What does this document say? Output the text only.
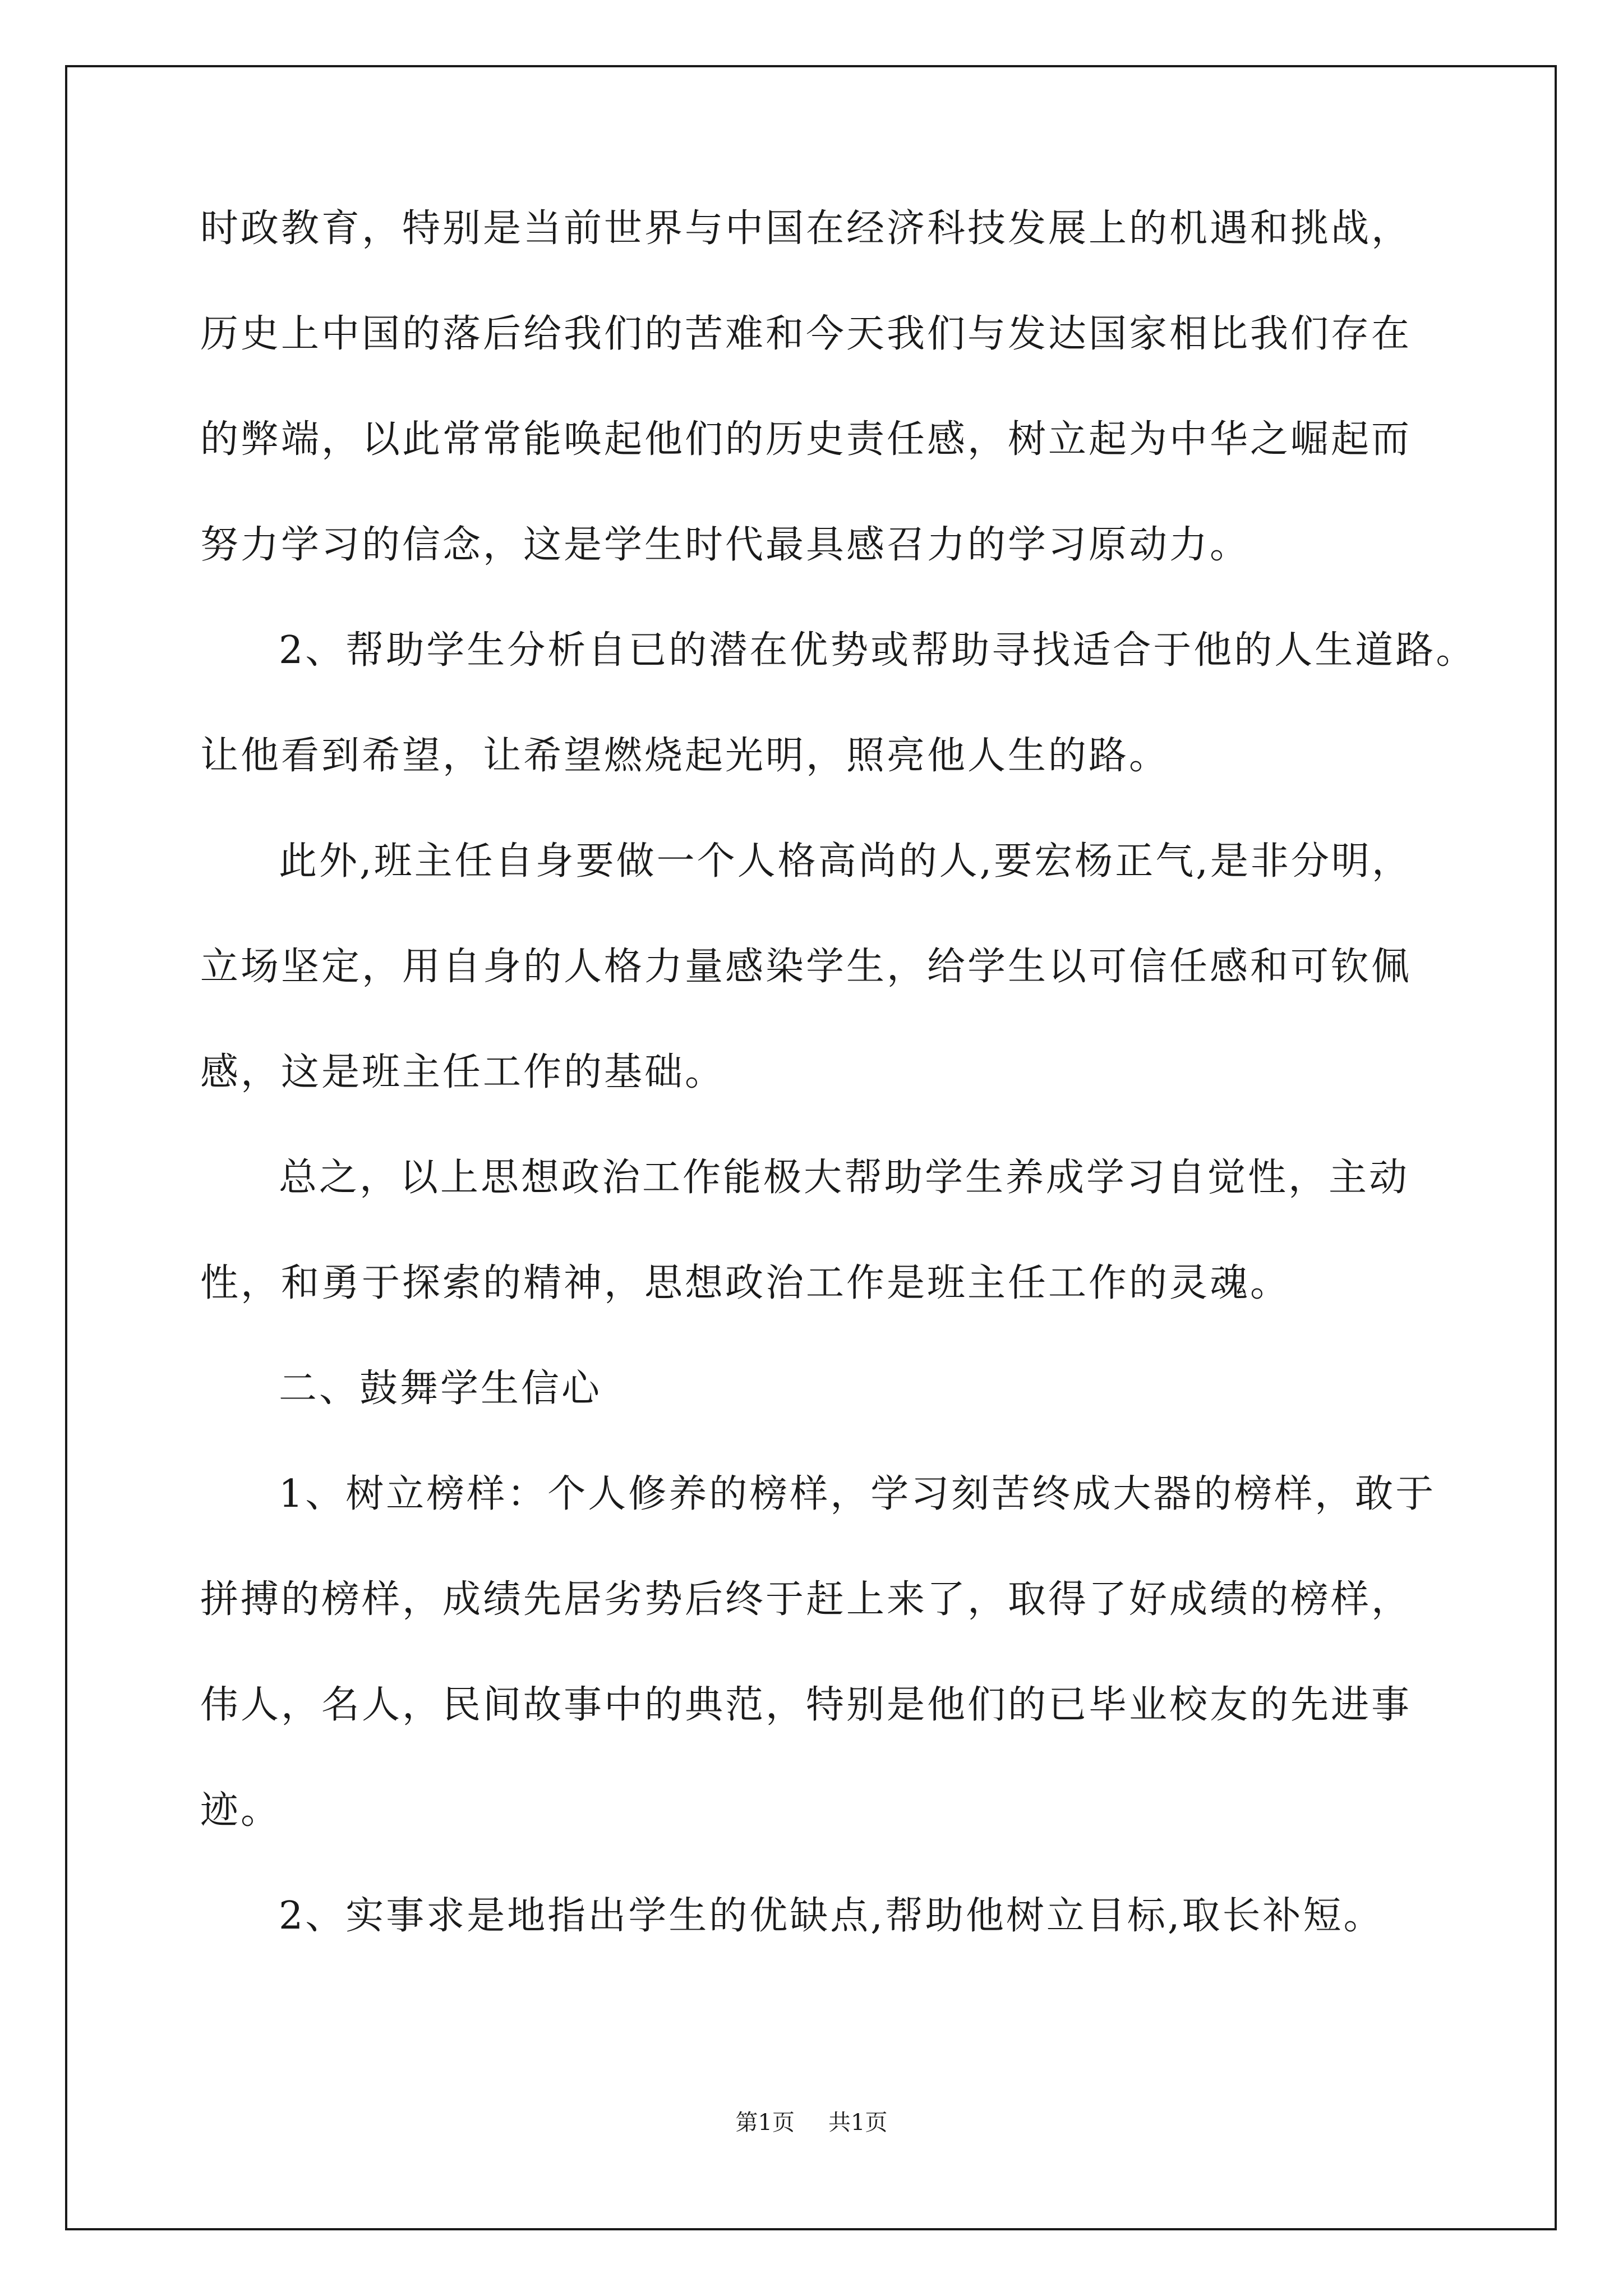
时政教育，特别是当前世界与中国在经济科技发展上的机遇和挑战，
历史上中国的落后给我们的苦难和今天我们与发达国家相比我们存在
的弊端，以此常常能唤起他们的历史责任感，树立起为中华之崛起而
努力学习的信念，这是学生时代最具感召力的学习原动力。
2、帮助学生分析自已的潜在优势或帮助寻找适合于他的人生道路。
让他看到希望，让希望燃烧起光明，照亮他人生的路。
此外,班主任自身要做一个人格高尚的人,要宏杨正气,是非分明，
立场坚定，用自身的人格力量感染学生，给学生以可信任感和可钦佩
感，这是班主任工作的基础。
总之，以上思想政治工作能极大帮助学生养成学习自觉性，主动
性，和勇于探索的精神，思想政治工作是班主任工作的灵魂。
二、鼓舞学生信心
1、树立榜样：个人修养的榜样，学习刻苦终成大器的榜样，敢于
拼搏的榜样，成绩先居劣势后终于赶上来了，取得了好成绩的榜样，
伟人，名人，民间故事中的典范，特别是他们的已毕业校友的先进事
迹。
2、实事求是地指出学生的优缺点,帮助他树立目标,取长补短。
第1页 共1页
